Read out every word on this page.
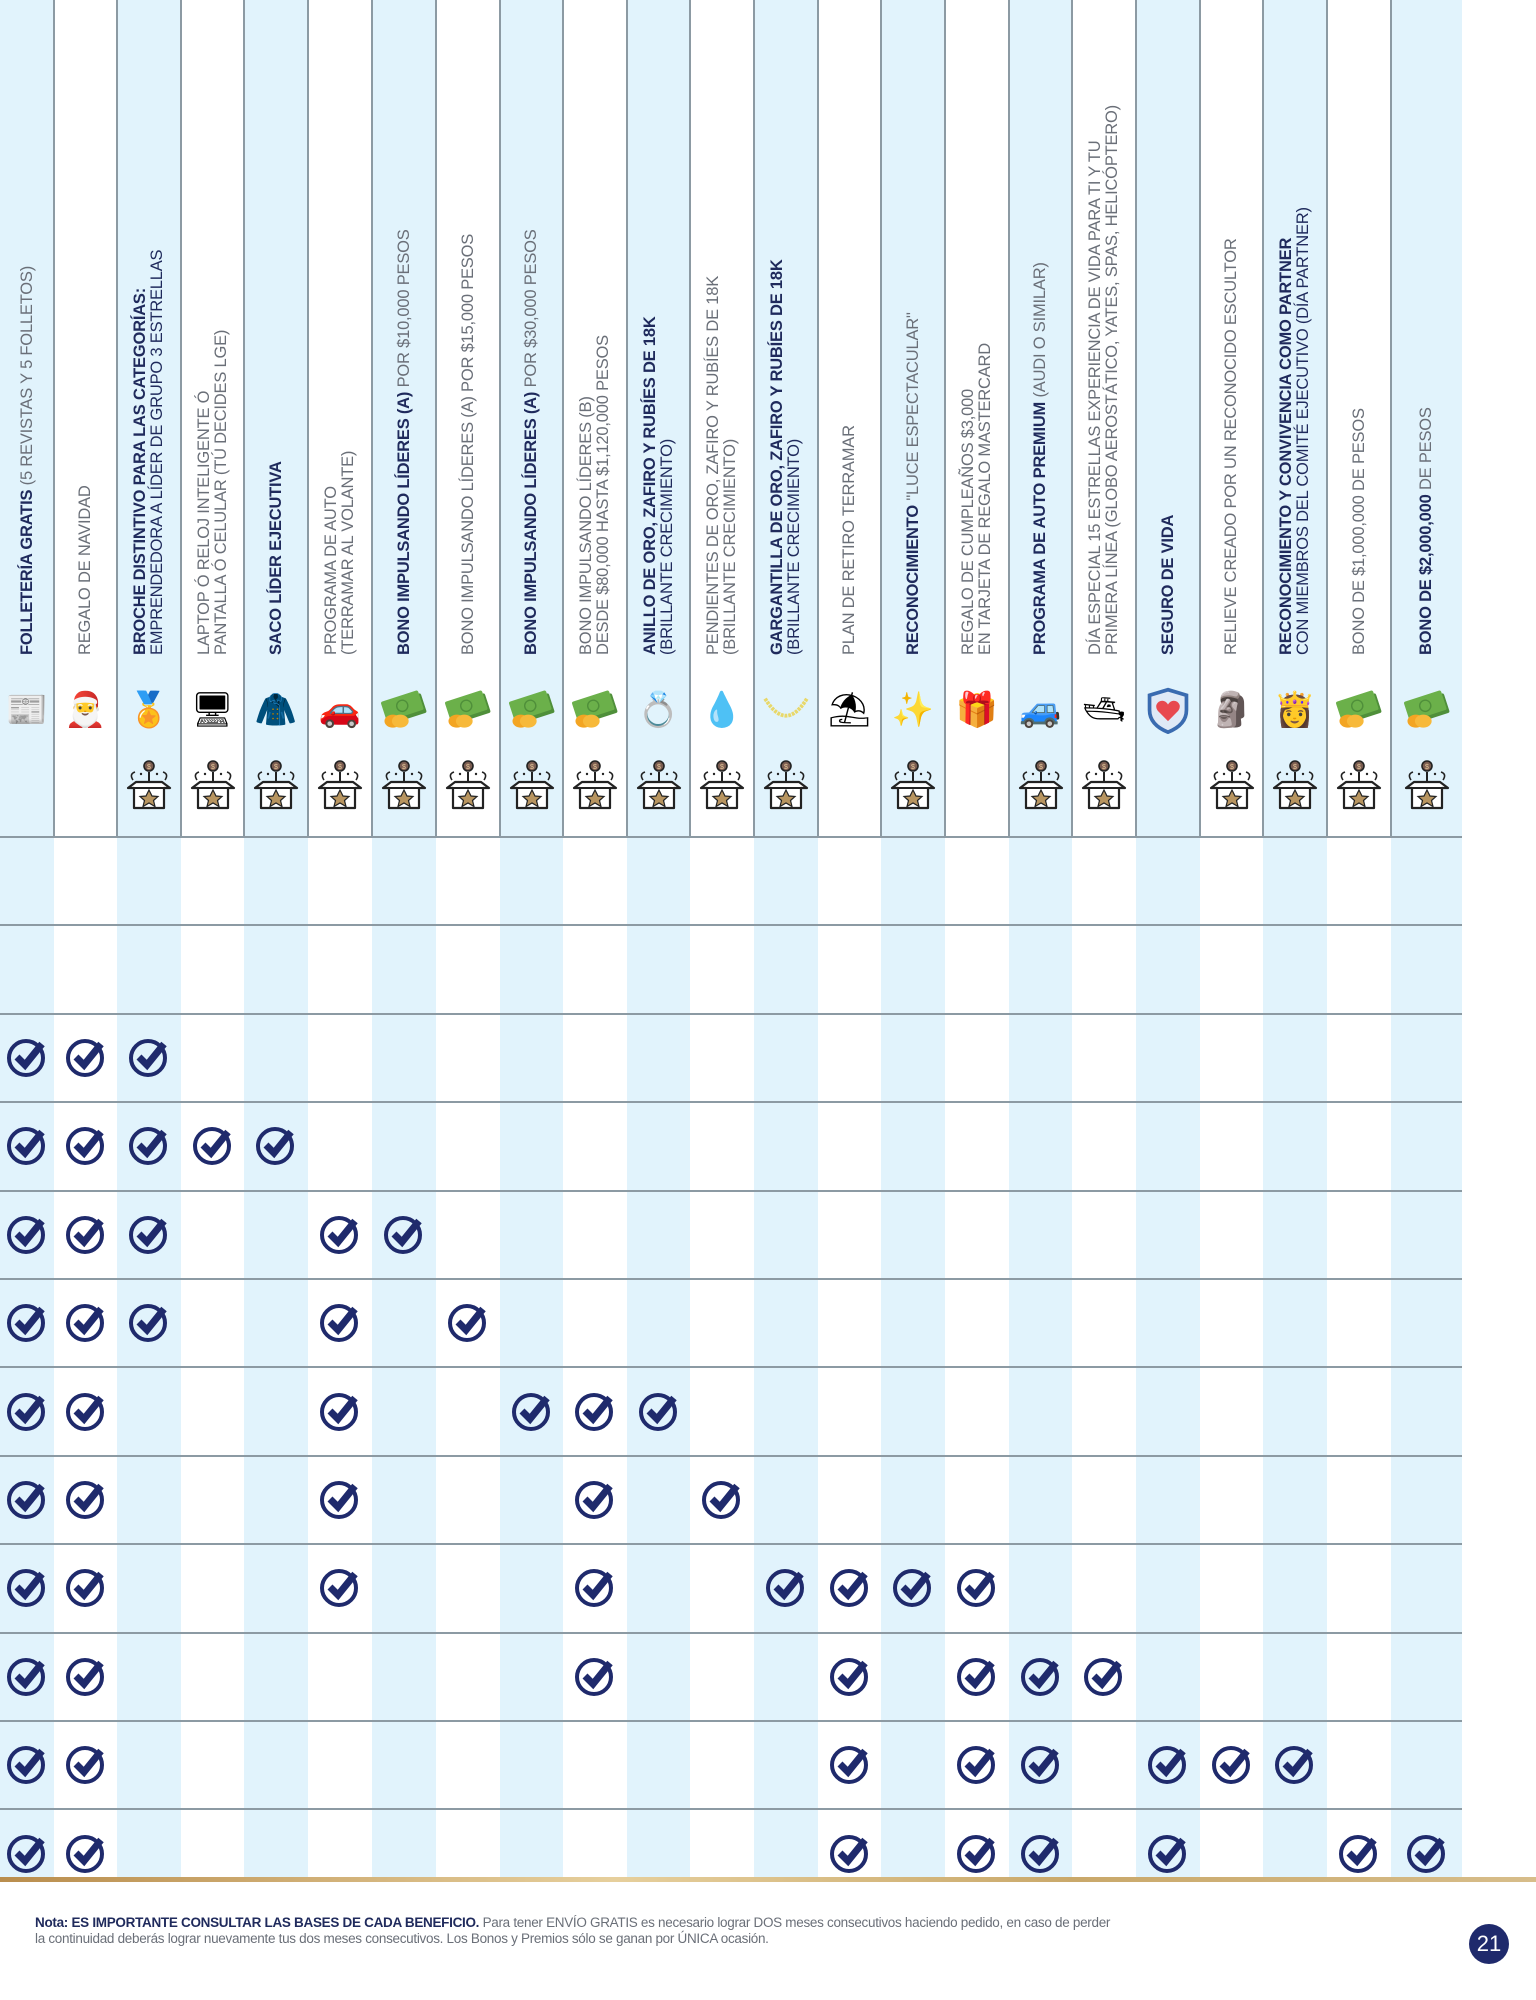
FOLLETERÍA GRATIS (5 REVISTAS Y 5 FOLLETOS)
📰
REGALO DE NAVIDAD
🎅
BROCHE DISTINTIVO PARA LAS CATEGORÍAS: EMPRENDEDORA A LÍDER DE GRUPO 3 ESTRELLAS
🏅
$
LAPTOP Ó RELOJ INTELIGENTE Ó PANTALLA Ó CELULAR (TÚ DECIDES LGE)
🖥
$
SACO LÍDER EJECUTIVA
🧥
$
PROGRAMA DE AUTO (TERRAMAR AL VOLANTE)
🚗
$
BONO IMPULSANDO LÍDERES (A) POR $10,000 PESOS
$
BONO IMPULSANDO LÍDERES (A) POR $15,000 PESOS
$
BONO IMPULSANDO LÍDERES (A) POR $30,000 PESOS
$
BONO IMPULSANDO LÍDERES (B) DESDE $80,000 HASTA $1,120,000 PESOS
$
ANILLO DE ORO, ZAFIRO Y RUBÍES DE 18K (BRILLANTE CRECIMIENTO)
💍
$
PENDIENTES DE ORO, ZAFIRO Y RUBÍES DE 18K (BRILLANTE CRECIMIENTO)
💧
$
GARGANTILLA DE ORO, ZAFIRO Y RUBÍES DE 18K (BRILLANTE CRECIMIENTO)
$
PLAN DE RETIRO TERRAMAR
⛱
RECONOCIMIENTO "LUCE ESPECTACULAR"
✨
$
REGALO DE CUMPLEAÑOS $3,000 EN TARJETA DE REGALO MASTERCARD
🎁
PROGRAMA DE AUTO PREMIUM (AUDI O SIMILAR)
🚙
$
DÍA ESPECIAL 15 ESTRELLAS EXPERIENCIA DE VIDA PARA TI Y TU PRIMERA LÍNEA (GLOBO AEROSTÁTICO, YATES, SPAS, HELICÓPTERO)
🛥
$
SEGURO DE VIDA	RELIEVE CREADO POR UN RECONOCIDO ESCULTOR
🗿
$
RECONOCIMIENTO Y CONVIVENCIA COMO PARTNER CON MIEMBROS DEL COMITÉ EJECUTIVO (DÍA PARTNER)
👸
$
BONO DE $1,000,000 DE PESOS
$
BONO DE $2,000,000 DE PESOS
$
Nota: ES IMPORTANTE CONSULTAR LAS BASES DE CADA BENEFICIO. Para tener ENVÍO GRATIS es necesario lograr DOS meses consecutivos haciendo pedido, en caso de perder
la continuidad deberás lograr nuevamente tus dos meses consecutivos. Los Bonos y Premios sólo se ganan por ÚNICA ocasión.	21
